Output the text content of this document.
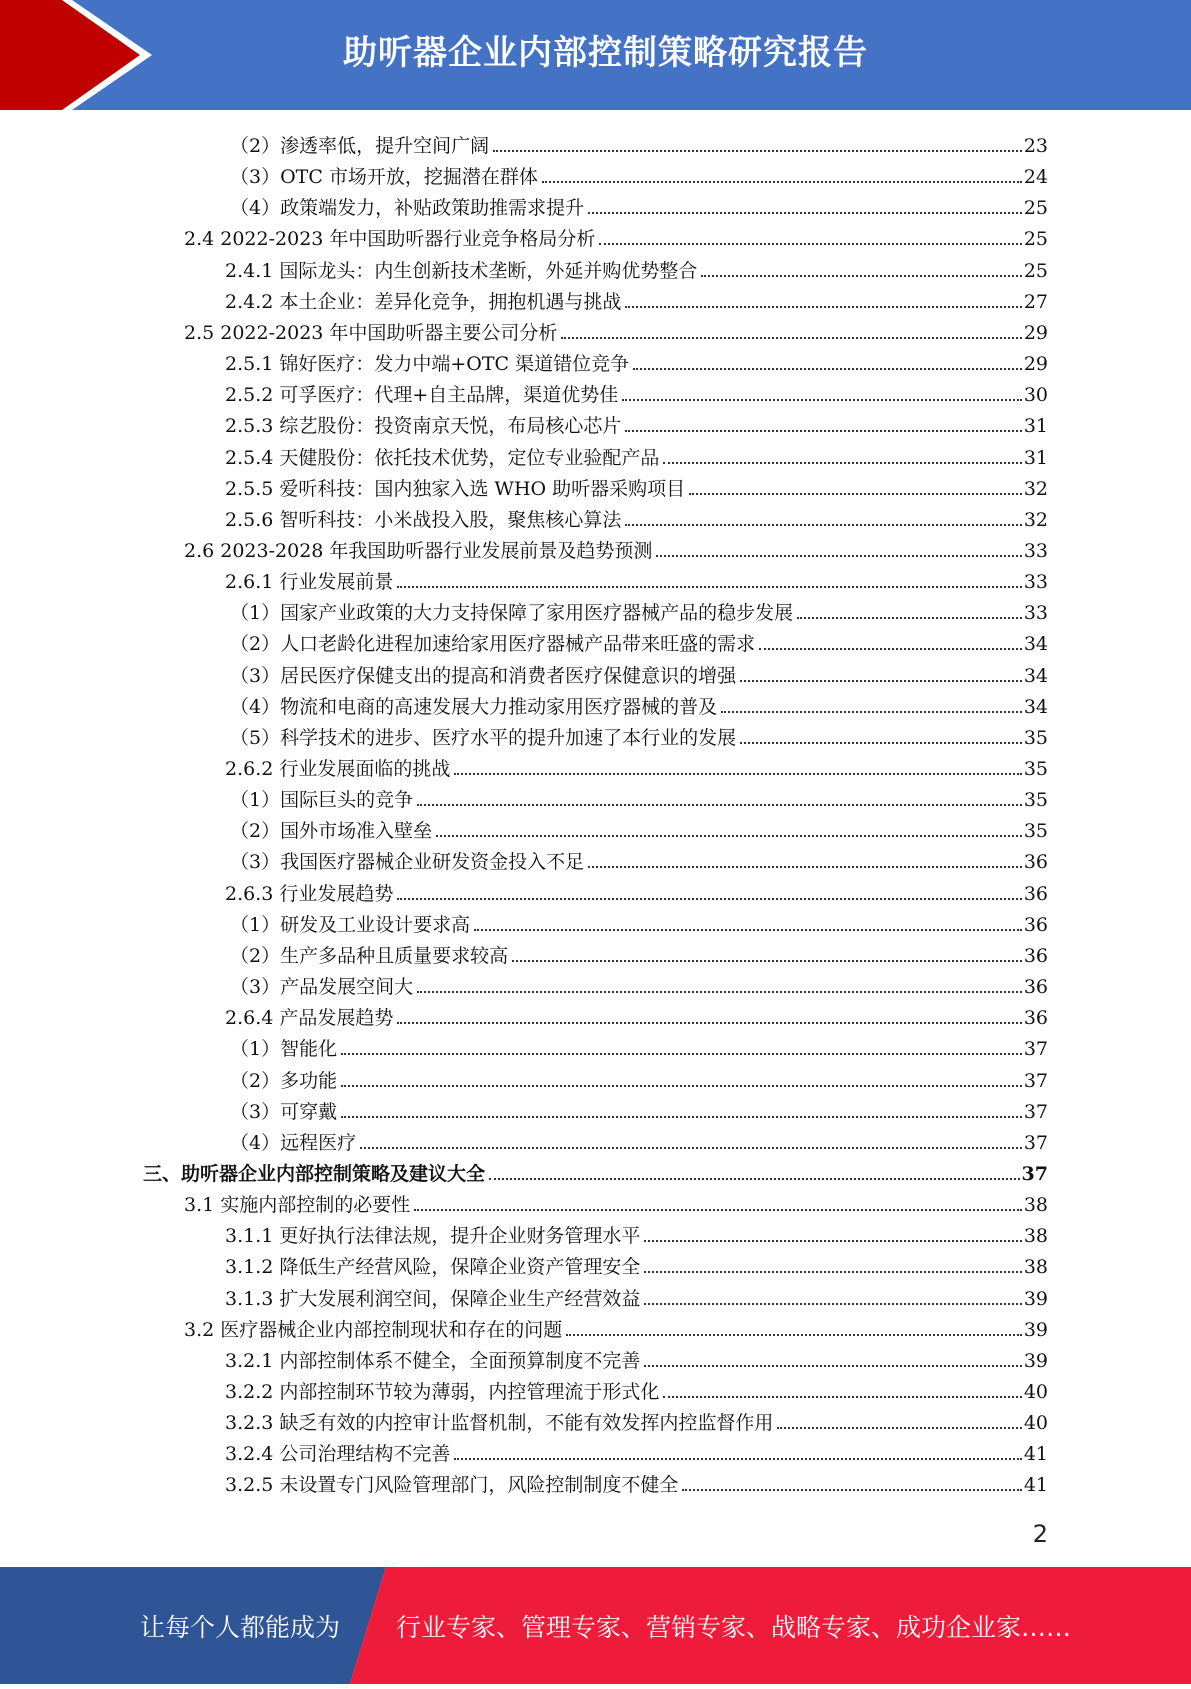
助听器企业内部控制策略研究报告
（2）渗透率低，提升空间广阔	23
（3）OTC 市场开放，挖掘潜在群体	24
（4）政策端发力，补贴政策助推需求提升	25
2.4 2022-2023 年中国助听器行业竞争格局分析	25
2.4.1 国际龙头：内生创新技术垄断，外延并购优势整合	25
2.4.2 本土企业：差异化竞争，拥抱机遇与挑战	27
2.5 2022-2023 年中国助听器主要公司分析	29
2.5.1 锦好医疗：发力中端+OTC 渠道错位竞争	29
2.5.2 可孚医疗：代理+自主品牌，渠道优势佳	30
2.5.3 综艺股份：投资南京天悦，布局核心芯片	31
2.5.4 天健股份：依托技术优势，定位专业验配产品	31
2.5.5 爱听科技：国内独家入选 WHO 助听器采购项目	32
2.5.6 智听科技：小米战投入股，聚焦核心算法	32
2.6 2023-2028 年我国助听器行业发展前景及趋势预测	33
2.6.1 行业发展前景	33
（1）国家产业政策的大力支持保障了家用医疗器械产品的稳步发展	33
（2）人口老龄化进程加速给家用医疗器械产品带来旺盛的需求	34
（3）居民医疗保健支出的提高和消费者医疗保健意识的增强	34
（4）物流和电商的高速发展大力推动家用医疗器械的普及	34
（5）科学技术的进步、医疗水平的提升加速了本行业的发展	35
2.6.2 行业发展面临的挑战	35
（1）国际巨头的竞争	35
（2）国外市场准入壁垒	35
（3）我国医疗器械企业研发资金投入不足	36
2.6.3 行业发展趋势	36
（1）研发及工业设计要求高	36
（2）生产多品种且质量要求较高	36
（3）产品发展空间大	36
2.6.4 产品发展趋势	36
（1）智能化	37
（2）多功能	37
（3）可穿戴	37
（4）远程医疗	37
三、助听器企业内部控制策略及建议大全	37
3.1 实施内部控制的必要性	38
3.1.1 更好执行法律法规，提升企业财务管理水平	38
3.1.2 降低生产经营风险，保障企业资产管理安全	38
3.1.3 扩大发展利润空间，保障企业生产经营效益	39
3.2 医疗器械企业内部控制现状和存在的问题	39
3.2.1 内部控制体系不健全，全面预算制度不完善	39
3.2.2 内部控制环节较为薄弱，内控管理流于形式化	40
3.2.3 缺乏有效的内控审计监督机制，不能有效发挥内控监督作用	40
3.2.4 公司治理结构不完善	41
3.2.5 未设置专门风险管理部门，风险控制制度不健全	41
2
让每个人都能成为 行业专家、管理专家、营销专家、战略专家、成功企业家……
